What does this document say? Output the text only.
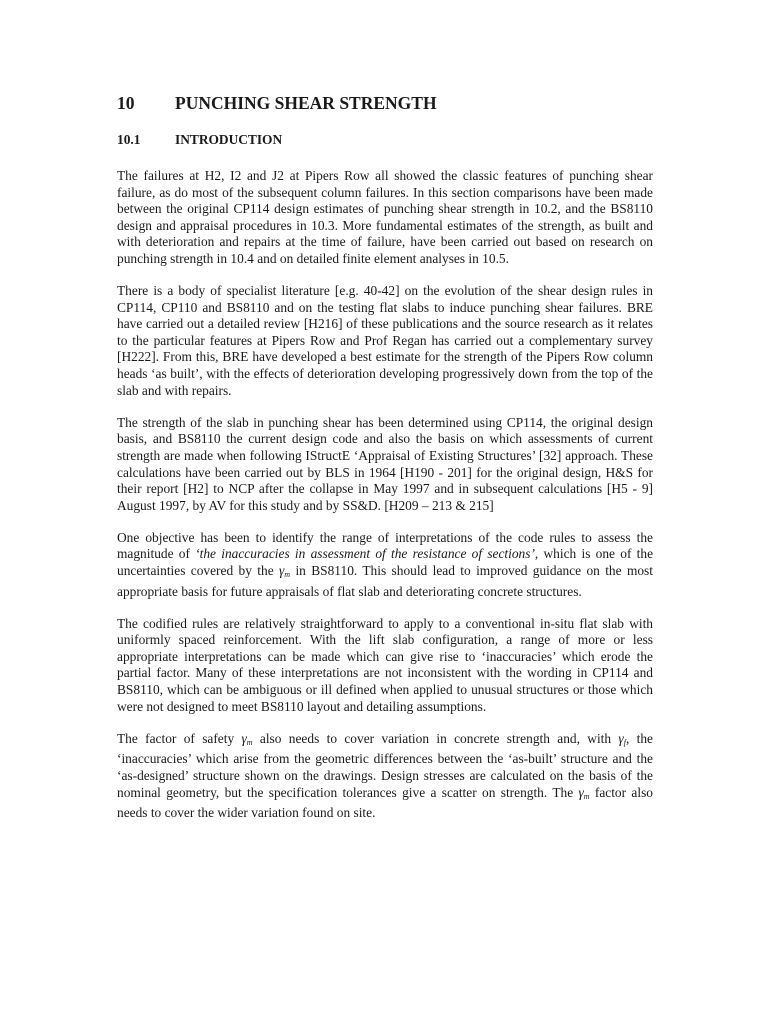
10 PUNCHING SHEAR STRENGTH
10.1	INTRODUCTION

The failures at H2, I2 and J2 at Pipers Row all showed the classic features of punching shear failure, as do most of the subsequent column failures. In this section comparisons have been made between the original CP114 design estimates of punching shear strength in 10.2, and the BS8110 design and appraisal procedures in 10.3. More fundamental estimates of the strength, as built and with deterioration and repairs at the time of failure, have been carried out based on research on punching strength in 10.4 and on detailed finite element analyses in 10.5.

There is a body of specialist literature [e.g. 40-42] on the evolution of the shear design rules in CP114, CP110 and BS8110 and on the testing flat slabs to induce punching shear failures. BRE have carried out a detailed review [H216] of these publications and the source research as it relates to the particular features at Pipers Row and Prof Regan has carried out a complementary survey [H222]. From this, BRE have developed a best estimate for the strength of the Pipers Row column heads ‘as built’, with the effects of deterioration developing progressively down from the top of the slab and with repairs.

The strength of the slab in punching shear has been determined using CP114, the original design basis, and BS8110 the current design code and also the basis on which assessments of current strength are made when following IStructE ‘Appraisal of Existing Structures’ [32] approach. These calculations have been carried out by BLS in 1964 [H190 - 201] for the original design, H&S for their report [H2] to NCP after the collapse in May 1997 and in subsequent calculations [H5 - 9] August 1997, by AV for this study and by SS&D. [H209 – 213 & 215]

One objective has been to identify the range of interpretations of the code rules to assess the magnitude of ‘the inaccuracies in assessment of the resistance of sections’, which is one of the uncertainties covered by the $\gamma_m$ in BS8110. This should lead to improved guidance on the most appropriate basis for future appraisals of flat slab and deteriorating concrete structures.

The codified rules are relatively straightforward to apply to a conventional in-situ flat slab with uniformly spaced reinforcement. With the lift slab configuration, a range of more or less appropriate interpretations can be made which can give rise to ‘inaccuracies’ which erode the partial factor. Many of these interpretations are not inconsistent with the wording in CP114 and BS8110, which can be ambiguous or ill defined when applied to unusual structures or those which were not designed to meet BS8110 layout and detailing assumptions.

The factor of safety $\gamma_m$ also needs to cover variation in concrete strength and, with $\gamma_f$, the ‘inaccuracies’ which arise from the geometric differences between the ‘as-built’ structure and the ‘as-designed’ structure shown on the drawings. Design stresses are calculated on the basis of the nominal geometry, but the specification tolerances give a scatter on strength. The $\gamma_m$ factor also needs to cover the wider variation found on site.
